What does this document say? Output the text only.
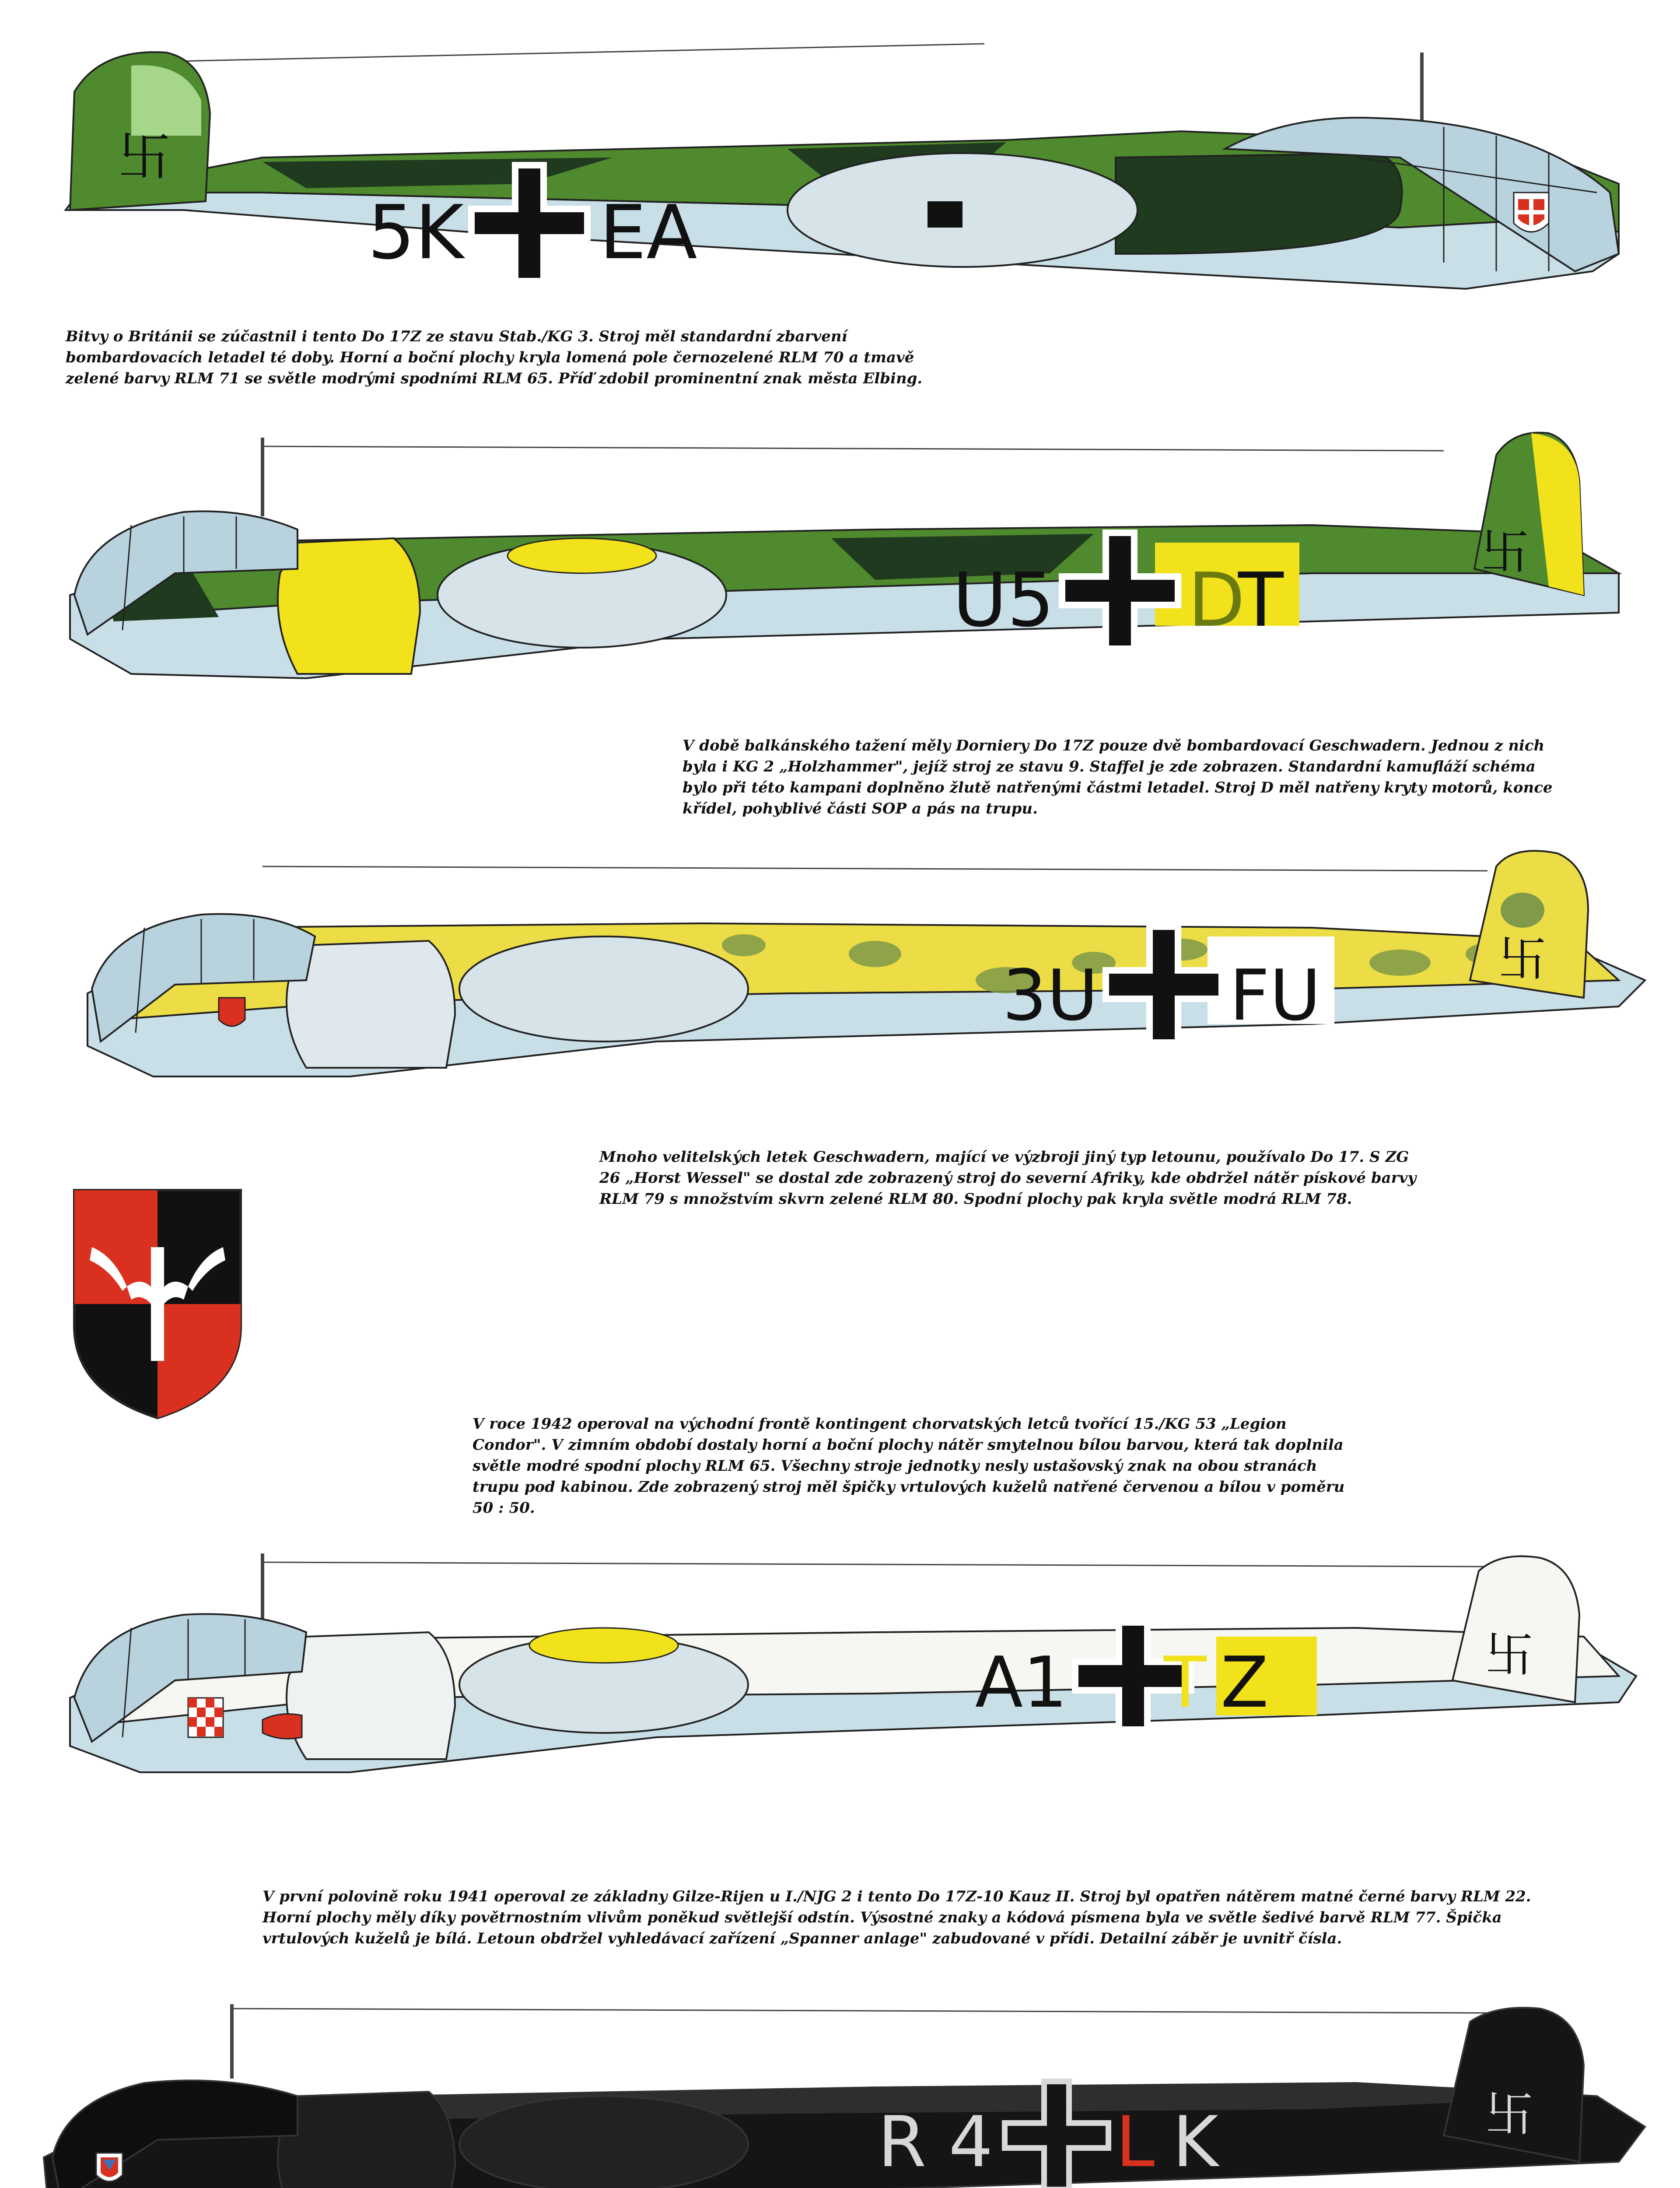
卐
5K EA

Bitvy o Británii se zúčastnil i tento Do 17Z ze stavu Stab./KG 3. Stroj měl standardní zbarvení bombardovacích letadel té doby. Horní a boční plochy kryla lomená pole černozelené RLM 70 a tmavě zelené barvy RLM 71 se světle modrými spodními RLM 65. Příď zdobil prominentní znak města Elbing.

卐
U5 D
T

V době balkánského tažení měly Dorniery Do 17Z pouze dvě bombardovací Geschwadern. Jednou z nich byla i KG 2 „Holzhammer", jejíž stroj ze stavu 9. Staffel je zde zobrazen. Standardní kamufláží schéma bylo při této kampani doplněno žlutě natřenými částmi letadel. Stroj D měl natřeny kryty motorů, konce křídel, pohyblivé části SOP a pás na trupu.

卐
3U FU

Mnoho velitelských letek Geschwadern, mající ve výzbroji jiný typ letounu, používalo Do 17. S ZG 26 „Horst Wessel" se dostal zde zobrazený stroj do severní Afriky, kde obdržel nátěr pískové barvy RLM 79 s množstvím skvrn zelené RLM 80. Spodní plochy pak kryla světle modrá RLM 78.

V roce 1942 operoval na východní frontě kontingent chorvatských letců tvořící 15./KG 53 „Legion Condor". V zimním období dostaly horní a boční plochy nátěr smytelnou bílou barvou, která tak doplnila světle modré spodní plochy RLM 65. Všechny stroje jednotky nesly ustašovský znak na obou stranách trupu pod kabinou. Zde zobrazený stroj měl špičky vrtulových kuželů natřené červenou a bílou v poměru 50 : 50.

卐
A1 T Z

V první polovině roku 1941 operoval ze základny Gilze-Rijen u I./NJG 2 i tento Do 17Z-10 Kauz II. Stroj byl opatřen nátěrem matné černé barvy RLM 22. Horní plochy měly díky povětrnostním vlivům poněkud světlejší odstín. Výsostné znaky a kódová písmena byla ve světle šedivé barvě RLM 77. Špička vrtulových kuželů je bílá. Letoun obdržel vyhledávací zařízení „Spanner anlage" zabudované v přídi. Detailní záběr je uvnitř čísla.

卐
R 4 L K
